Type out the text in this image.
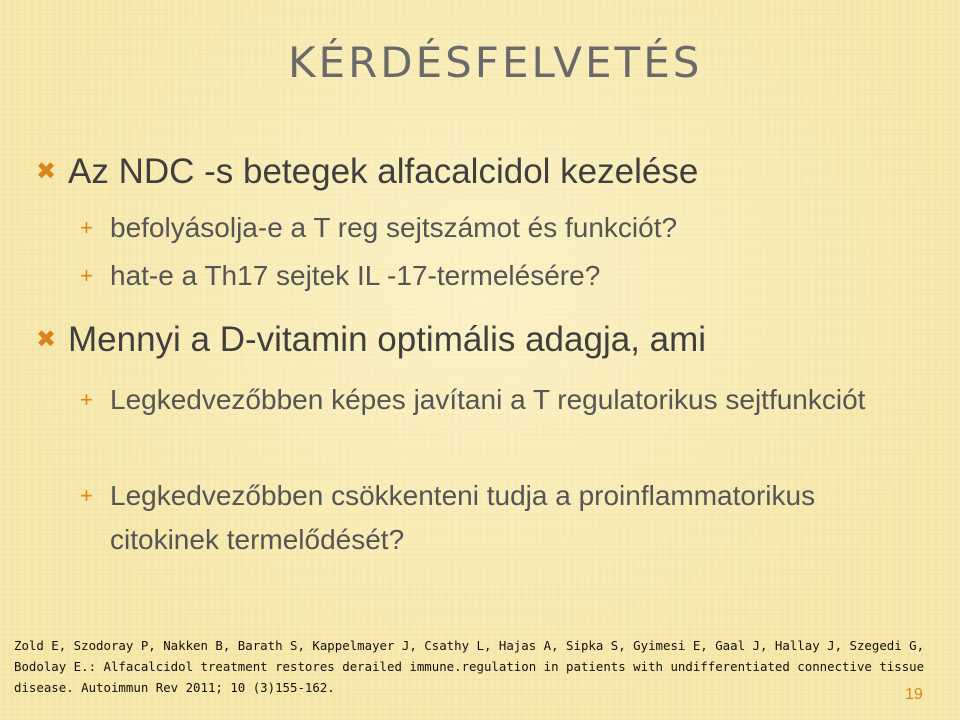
KÉRDÉSFELVETÉS
✖ Az NDC -s betegek alfacalcidol kezelése
+ befolyásolja-e a T reg sejtszámot és funkciót?
+ hat-e a Th17 sejtek IL -17-termelésére?
✖ Mennyi a D-vitamin optimális adagja, ami
+ Legkedvezőbben képes javítani a T regulatorikus sejtfunkciót
+ Legkedvezőbben csökkenteni tudja a proinflammatorikus citokinek termelődését?
Zold E, Szodoray P, Nakken B, Barath S, Kappelmayer J, Csathy L, Hajas A, Sipka S, Gyimesi E, Gaal J, Hallay J, Szegedi G, Bodolay E.: Alfacalcidol treatment restores derailed immune.regulation in patients with undifferentiated connective tissue disease. Autoimmun Rev 2011; 10 (3)155-162.	19
